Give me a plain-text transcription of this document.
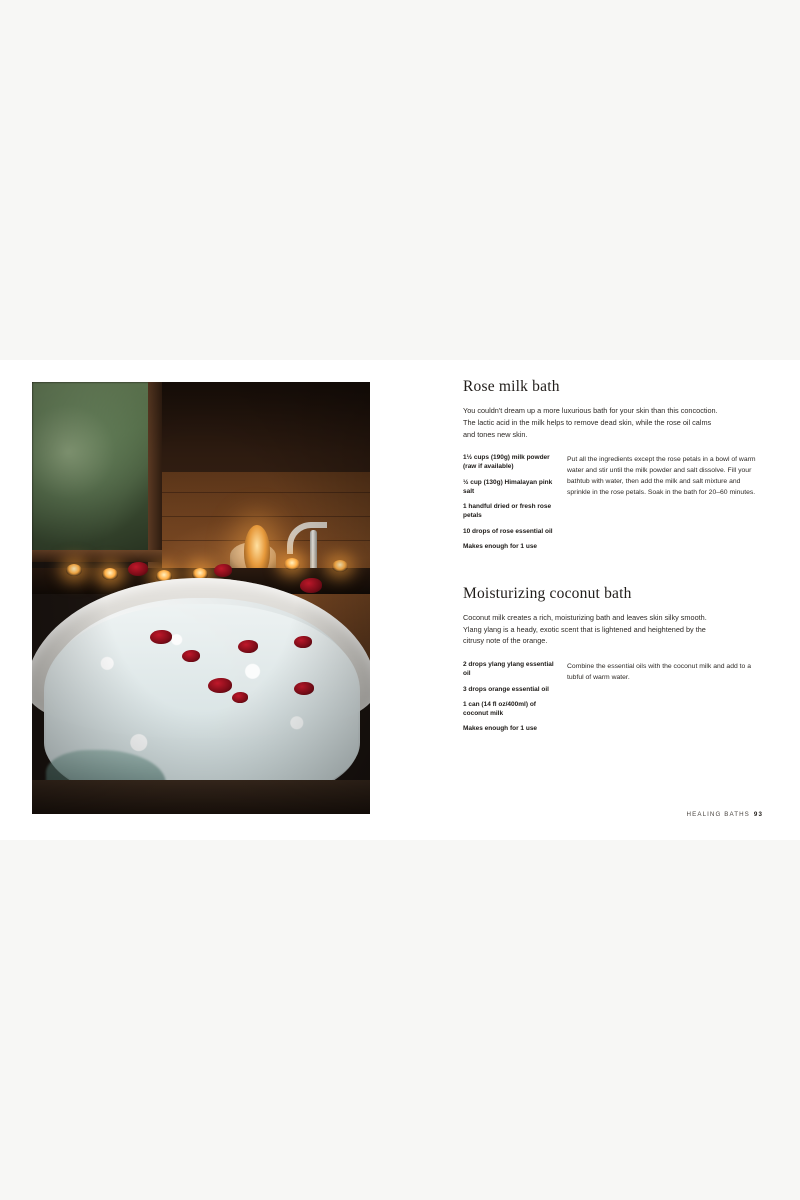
Rose milk bath

You couldn't dream up a more luxurious bath for your skin than this concoction. The lactic acid in the milk helps to remove dead skin, while the rose oil calms and tones new skin.

1½ cups (190g) milk powder (raw if available)
½ cup (130g) Himalayan pink salt
1 handful dried or fresh rose petals
10 drops of rose essential oil
Makes enough for 1 use
Put all the ingredients except the rose petals in a bowl of warm water and stir until the milk powder and salt dissolve. Fill your bathtub with water, then add the milk and salt mixture and sprinkle in the rose petals. Soak in the bath for 20–60 minutes.
Moisturizing coconut bath

Coconut milk creates a rich, moisturizing bath and leaves skin silky smooth. Ylang ylang is a heady, exotic scent that is lightened and heightened by the citrusy note of the orange.

2 drops ylang ylang essential oil
3 drops orange essential oil
1 can (14 fl oz/400ml) of coconut milk
Makes enough for 1 use
Combine the essential oils with the coconut milk and add to a tubful of warm water.
HEALING BATHS 93
